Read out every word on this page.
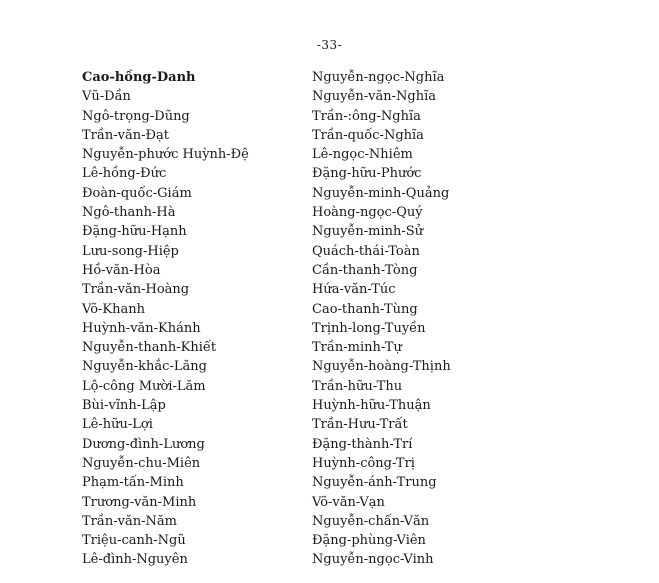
-33-
Cao-hồng-Danh
Vũ-Dần
Ngô-trọng-Dũng
Trần-văn-Đạt
Nguyễn-phước Huỳnh-Đệ
Lê-hồng-Đức
Đoàn-quốc-Giám
Ngô-thanh-Hà
Đặng-hữu-Hạnh
Lưu-song-Hiệp
Hồ-văn-Hòa
Trần-văn-Hoàng
Võ-Khanh
Huỳnh-văn-Khánh
Nguyễn-thanh-Khiết
Nguyễn-khắc-Lăng
Lộ-công Mười-Lăm
Bùi-vĩnh-Lập
Lê-hữu-Lợi
Dương-đình-Lương
Nguyễn-chu-Miên
Phạm-tấn-Minh
Trương-văn-Minh
Trần-văn-Năm
Triệu-canh-Ngũ
Lê-đình-Nguyên
Nguyễn-ngọc-Nghĩa
Nguyễn-văn-Nghĩa
Trần-:ông-Nghĩa
Trần-quốc-Nghĩa
Lê-ngọc-Nhiêm
Đặng-hữu-Phước
Nguyễn-minh-Quảng
Hoàng-ngọc-Quý
Nguyễn-minh-Sử
Quách-thái-Toàn
Cần-thanh-Tòng
Hứa-văn-Túc
Cao-thanh-Tùng
Trịnh-long-Tuyền
Trần-minh-Tự
Nguyễn-hoàng-Thịnh
Trần-hữu-Thu
Huỳnh-hữu-Thuận
Trần-Hưu-Trất
Đặng-thành-Trí
Huỳnh-công-Trị
Nguyễn-ánh-Trung
Võ-văn-Vạn
Nguyễn-chấn-Văn
Đặng-phùng-Viên
Nguyễn-ngọc-Vinh
